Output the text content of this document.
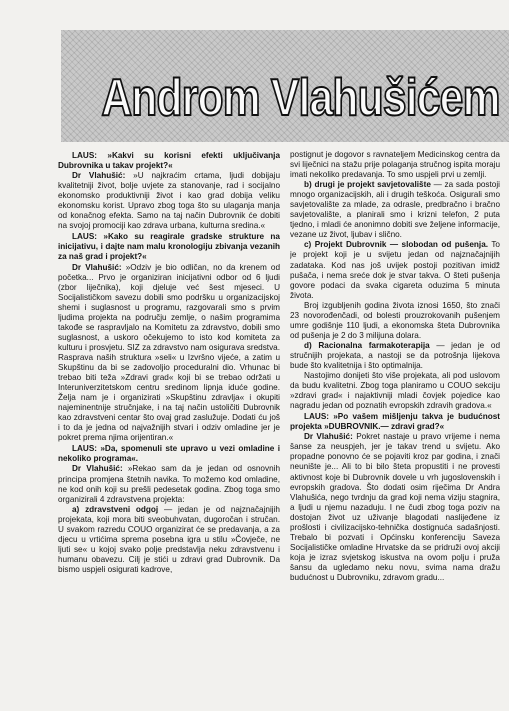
Androm Vlahušićem

LAUS: »Kakvi su korisni efekti uključivanja Dubrovnika u takav projekt?«

Dr Vlahušić: »U najkraćim crtama, ljudi dobijaju kvalitetniji život, bolje uvjete za stanovanje, rad i socijalno ekonomsko produktivniji život i kao grad dobija veliku ekonomsku korist. Upravo zbog toga što su ulaganja manja od konačnog efekta. Samo na taj način Dubrovnik će dobiti na svojoj promociji kao zdrava urbana, kulturna sredina.«

LAUS: »Kako su reagirale gradske strukture na inicijativu, i dajte nam malu kronologiju zbivanja vezanih za naš grad i projekt?«

Dr Vlahušić: »Odziv je bio odličan, no da krenem od početka... Prvo je organiziran inicijativni odbor od 6 ljudi (zbor liječnika), koji djeluje već šest mjeseci. U Socijalističkom savezu dobili smo podršku u organizacijskoj shemi i suglasnost u programu, razgovarali smo s prvim ljudima projekta na području zemlje, o našim programima takođe se raspravljalo na Komitetu za zdravstvo, dobili smo suglasnost, a uskoro očekujemo to isto kod komiteta za kulturu i prosvjetu. SIZ za zdravstvo nam osigurava sredstva. Rasprava naših struktura »seli« u Izvršno vijeće, a zatim u Skupštinu da bi se zadovoljio proceduralni dio. Vrhunac bi trebao biti teža »Zdravi grad« koji bi se trebao održati u Interuniverzitetskom centru sredinom lipnja iduće godine. Želja nam je i organizirati »Skupštinu zdravlja« i okupiti najeminentnije stručnjake, i na taj način ustoličiti Dubrovnik kao zdravstveni centar što ovaj grad zaslužuje. Dodati ću još i to da je jedna od najvažnijih stvari i odziv omladine jer je pokret prema njima orijentiran.«

LAUS: »Da, spomenuli ste upravo u vezi omladine i nekoliko programa«.

Dr Vlahušić: »Rekao sam da je jedan od osnovnih principa promjena štetnih navika. To možemo kod omladine, ne kod onih koji su prešli pedesetak godina. Zbog toga smo organizirali 4 zdravstvena projekta:

a) zdravstveni odgoj — jedan je od najznačajnijih projekata, koji mora biti sveobuhvatan, dugoročan i stručan. U svakom razredu COUO organizirat će se predavanja, a za djecu u vrtićima sprema posebna igra u stilu »Čovječe, ne ljuti se« u kojoj svako polje predstavlja neku zdravstvenu i humanu obavezu. Cilj je stići u zdravi grad Dubrovnik. Da bismo uspjeli osigurati kadrove,

postignut je dogovor s ravnateljem Medicinskog centra da svi liječnici na stažu prije polaganja stručnog ispita moraju imati nekoliko predavanja. To smo uspjeli prvi u zemlji.

b) drugi je projekt savjetovalište — za sada postoji mnogo organizacijskih, ali i drugih teškoća. Osigurali smo savjetovalište za mlade, za odrasle, predbračno i bračno savjetovalište, a planirali smo i krizni telefon, 2 puta tjedno, i mladi će anonimno dobiti sve željene informacije, vezane uz život, ljubav i slično.

c) Projekt Dubrovnik — slobodan od pušenja. To je projekt koji je u svijetu jedan od najznačajnijih zadataka. Kod nas još uvijek postoji pozitivan imidž pušača, i nema sreće dok je stvar takva. O šteti pušenja govore podaci da svaka cigareta oduzima 5 minuta života.

Broj izgubljenih godina života iznosi 1650, što znači 23 novorođenčadi, od bolesti prouzrokovanih pušenjem umre godišnje 110 ljudi, a ekonomska šteta Dubrovnika od pušenja je 2 do 3 milijuna dolara.

d) Racionalna farmakoterapija — jedan je od stručnijih projekata, a nastoji se da potrošnja lijekova bude što kvalitetnija i što optimalnija.

Nastojimo donijeti što više projekata, ali pod uslovom da budu kvalitetni. Zbog toga planiramo u COUO sekciju »zdravi grad« i najaktivniji mladi čovjek pojedice kao nagradu jedan od poznatih evropskih zdravih gradova.«

LAUS: »Po vašem mišljenju takva je budućnost projekta »DUBROVNIK.— zdravi grad?«

Dr Vlahušić: Pokret nastaje u pravo vrijeme i nema šanse za neuspjeh, jer je takav trend u svijetu. Ako propadne ponovno će se pojaviti kroz par godina, i znači neunište je... Ali to bi bilo šteta propustiti i ne provesti aktivnost koje bi Dubrovnik dovele u vrh jugoslovenskih i evropskih gradova. Što dodati osim riječima Dr Andra Vlahušića, nego tvrdnju da grad koji nema viziju stagnira, a ljudi u njemu nazaduju. I ne čudi zbog toga poziv na dostojan život uz uživanje blagodati naslijeđene iz prošlosti i civilizacijsko-tehnička dostignuća sadašnjosti. Trebalo bi pozvati i Općinsku konferenciju Saveza Socijalističke omladine Hrvatske da se pridruži ovoj akciji koja je izraz svjetskog iskustva na ovom polju i pruža šansu da ugledamo neku novu, svima nama dražu budućnost u Dubrovniku, zdravom gradu...
